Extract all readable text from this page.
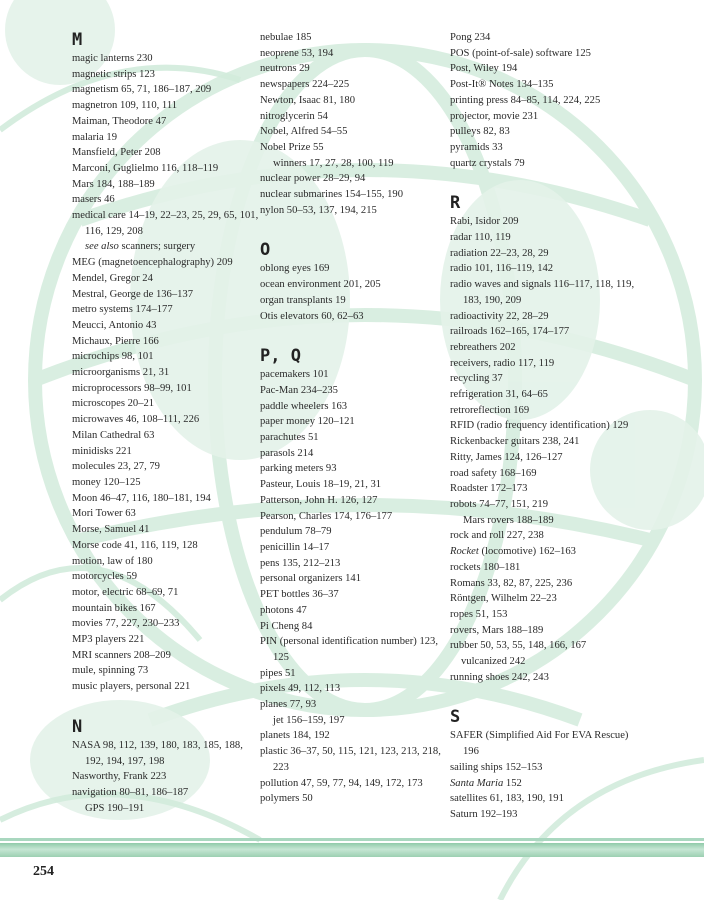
M
magic lanterns 230
magnetic strips 123
magnetism 65, 71, 186–187, 209
magnetron 109, 110, 111
Maiman, Theodore 47
malaria 19
Mansfield, Peter 208
Marconi, Guglielmo 116, 118–119
Mars 184, 188–189
masers 46
medical care 14–19, 22–23, 25, 29, 65, 101, 116, 129, 208
see also scanners; surgery
MEG (magnetoencephalography) 209
Mendel, Gregor 24
Mestral, George de 136–137
metro systems 174–177
Meucci, Antonio 43
Michaux, Pierre 166
microchips 98, 101
microorganisms 21, 31
microprocessors 98–99, 101
microscopes 20–21
microwaves 46, 108–111, 226
Milan Cathedral 63
minidisks 221
molecules 23, 27, 79
money 120–125
Moon 46–47, 116, 180–181, 194
Mori Tower 63
Morse, Samuel 41
Morse code 41, 116, 119, 128
motion, law of 180
motorcycles 59
motor, electric 68–69, 71
mountain bikes 167
movies 77, 227, 230–233
MP3 players 221
MRI scanners 208–209
mule, spinning 73
music players, personal 221
N
NASA 98, 112, 139, 180, 183, 185, 188, 192, 194, 197, 198
Nasworthy, Frank 223
navigation 80–81, 186–187
GPS 190–191
nebulae 185
neoprene 53, 194
neutrons 29
newspapers 224–225
Newton, Isaac 81, 180
nitroglycerin 54
Nobel, Alfred 54–55
Nobel Prize 55
winners 17, 27, 28, 100, 119
nuclear power 28–29, 94
nuclear submarines 154–155, 190
nylon 50–53, 137, 194, 215
O
oblong eyes 169
ocean environment 201, 205
organ transplants 19
Otis elevators 60, 62–63
P, Q
pacemakers 101
Pac-Man 234–235
paddle wheelers 163
paper money 120–121
parachutes 51
parasols 214
parking meters 93
Pasteur, Louis 18–19, 21, 31
Patterson, John H. 126, 127
Pearson, Charles 174, 176–177
pendulum 78–79
penicillin 14–17
pens 135, 212–213
personal organizers 141
PET bottles 36–37
photons 47
Pi Cheng 84
PIN (personal identification number) 123, 125
pipes 51
pixels 49, 112, 113
planes 77, 93
jet 156–159, 197
planets 184, 192
plastic 36–37, 50, 115, 121, 123, 213, 218, 223
pollution 47, 59, 77, 94, 149, 172, 173
polymers 50
Pong 234
POS (point-of-sale) software 125
Post, Wiley 194
Post-It® Notes 134–135
printing press 84–85, 114, 224, 225
projector, movie 231
pulleys 82, 83
pyramids 33
quartz crystals 79
R
Rabi, Isidor 209
radar 110, 119
radiation 22–23, 28, 29
radio 101, 116–119, 142
radio waves and signals 116–117, 118, 119, 183, 190, 209
radioactivity 22, 28–29
railroads 162–165, 174–177
rebreathers 202
receivers, radio 117, 119
recycling 37
refrigeration 31, 64–65
retroreflection 169
RFID (radio frequency identification) 129
Rickenbacker guitars 238, 241
Ritty, James 124, 126–127
road safety 168–169
Roadster 172–173
robots 74–77, 151, 219
Mars rovers 188–189
rock and roll 227, 238
Rocket (locomotive) 162–163
rockets 180–181
Romans 33, 82, 87, 225, 236
Röntgen, Wilhelm 22–23
ropes 51, 153
rovers, Mars 188–189
rubber 50, 53, 55, 148, 166, 167
vulcanized 242
running shoes 242, 243
S
SAFER (Simplified Aid For EVA Rescue) 196
sailing ships 152–153
Santa Maria 152
satellites 61, 183, 190, 191
Saturn 192–193
254
